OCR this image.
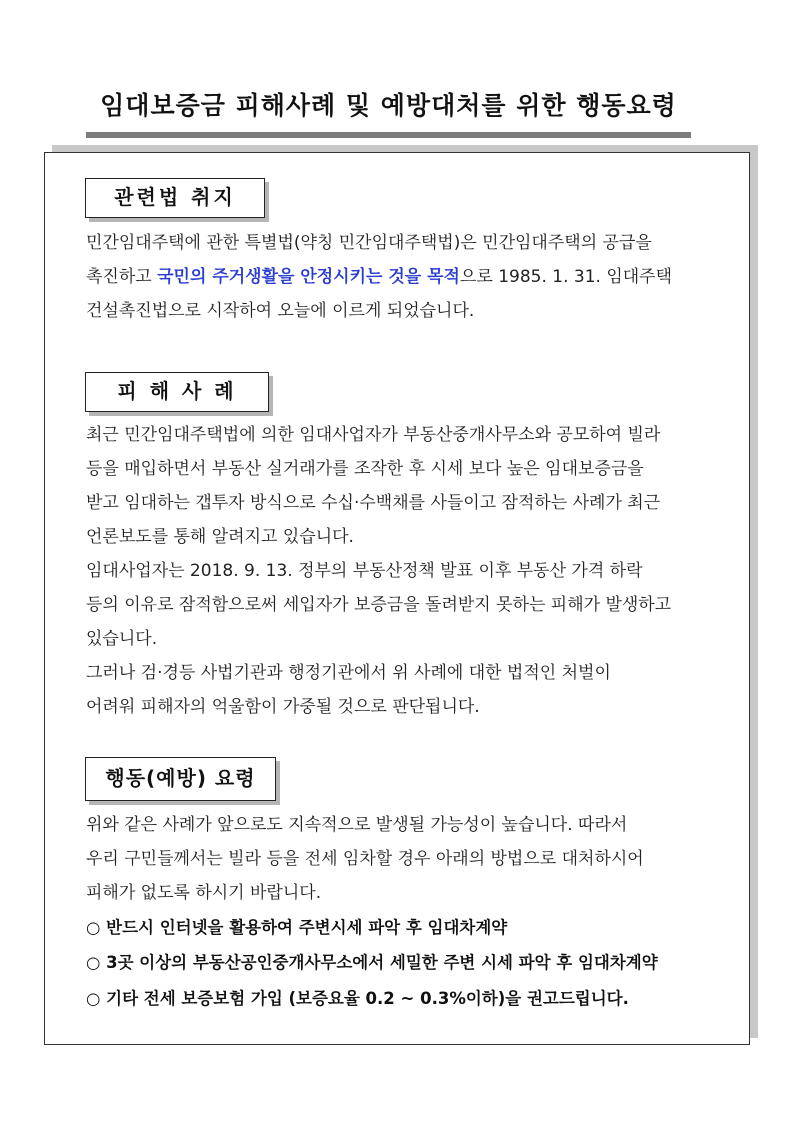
임대보증금 피해사례 및 예방대처를 위한 행동요령
관련법 취지
민간임대주택에 관한 특별법(약칭 민간임대주택법)은 민간임대주택의 공급을
촉진하고 국민의 주거생활을 안정시키는 것을 목적으로 1985. 1. 31. 임대주택
건설촉진법으로 시작하여 오늘에 이르게 되었습니다.
피 해 사 례
최근 민간임대주택법에 의한 임대사업자가 부동산중개사무소와 공모하여 빌라
등을 매입하면서 부동산 실거래가를 조작한 후 시세 보다 높은 임대보증금을
받고 임대하는 갭투자 방식으로 수십·수백채를 사들이고 잠적하는 사례가 최근
언론보도를 통해 알려지고 있습니다.
임대사업자는 2018. 9. 13. 정부의 부동산정책 발표 이후 부동산 가격 하락
등의 이유로 잠적함으로써 세입자가 보증금을 돌려받지 못하는 피해가 발생하고
있습니다.
그러나 검·경등 사법기관과 행정기관에서 위 사례에 대한 법적인 처벌이
어려워 피해자의 억울함이 가중될 것으로 판단됩니다.
행동(예방) 요령
위와 같은 사례가 앞으로도 지속적으로 발생될 가능성이 높습니다. 따라서
우리 구민들께서는 빌라 등을 전세 임차할 경우 아래의 방법으로 대처하시어
피해가 없도록 하시기 바랍니다.
○ 반드시 인터넷을 활용하여 주변시세 파악 후 임대차계약
○ 3곳 이상의 부동산공인중개사무소에서 세밀한 주변 시세 파악 후 임대차계약
○ 기타 전세 보증보험 가입 (보증요율 0.2 ~ 0.3%이하)을 권고드립니다.
